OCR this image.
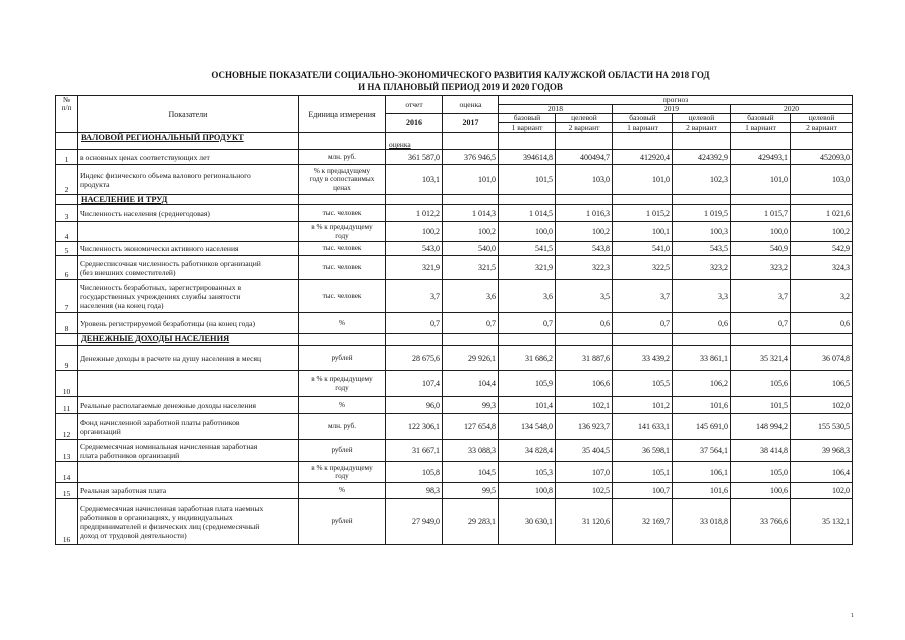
ОСНОВНЫЕ ПОКАЗАТЕЛИ СОЦИАЛЬНО-ЭКОНОМИЧЕСКОГО РАЗВИТИЯ КАЛУЖСКОЙ ОБЛАСТИ НА 2018 ГОД
И НА ПЛАНОВЫЙ ПЕРИОД 2019 И 2020 ГОДОВ
№
п/п	Показатели	Единица измерения	отчет	оценка	прогноз					
					2018		2019		2020	
			2016	2017	базовый	целевой	базовый	целевой	базовый	целевой
					1 вариант	2 вариант	1 вариант	2 вариант	1 вариант	2 вариант
	ВАЛОВОЙ РЕГИОНАЛЬНЫЙ ПРОДУКТ		оценка							
1	в основных ценах соответствующих лет	млн. руб.	361 587,0	376 946,5	394614,8	400494,7	412920,4	424392,9	429493,1	452093,0
2	Индекс физического объема валового регионального
продукта	% к предыдущему
году в сопоставимых
ценах	103,1	101,0	101,5	103,0	101,0	102,3	101,0	103,0
	НАСЕЛЕНИЕ И ТРУД									
3	Численность населения (среднегодовая)	тыс. человек	1 012,2	1 014,3	1 014,5	1 016,3	1 015,2	1 019,5	1 015,7	1 021,6
4		в % к предыдущему
году	100,2	100,2	100,0	100,2	100,1	100,3	100,0	100,2
5	Численность экономически активного населения	тыс. человек	543,0	540,0	541,5	543,8	541,0	543,5	540,9	542,9
6	Среднесписочная численность работников организаций
(без внешних совместителей)	тыс. человек	321,9	321,5	321,9	322,3	322,5	323,2	323,2	324,3
7	Численность безработных, зарегистрированных в
государственных учреждениях службы занятости
населения (на конец года)	тыс. человек	3,7	3,6	3,6	3,5	3,7	3,3	3,7	3,2
8	Уровень регистрируемой безработицы (на конец года)	%	0,7	0,7	0,7	0,6	0,7	0,6	0,7	0,6
	ДЕНЕЖНЫЕ ДОХОДЫ НАСЕЛЕНИЯ									
9	Денежные доходы в расчете на душу населения в месяц	рублей	28 675,6	29 926,1	31 686,2	31 887,6	33 439,2	33 861,1	35 321,4	36 074,8
10		в % к предыдущему
году	107,4	104,4	105,9	106,6	105,5	106,2	105,6	106,5
11	Реальные располагаемые денежные доходы населения	%	96,0	99,3	101,4	102,1	101,2	101,6	101,5	102,0
12	Фонд начисленной заработной платы работников
организаций	млн. руб.	122 306,1	127 654,8	134 548,0	136 923,7	141 633,1	145 691,0	148 994,2	155 530,5
13	Среднемесячная номинальная начисленная заработная
плата работников организаций	рублей	31 667,1	33 088,3	34 828,4	35 404,5	36 598,1	37 564,1	38 414,8	39 968,3
14		в % к предыдущему
году	105,8	104,5	105,3	107,0	105,1	106,1	105,0	106,4
15	Реальная заработная плата	%	98,3	99,5	100,8	102,5	100,7	101,6	100,6	102,0
16	Среднемесячная начисленная заработная плата наемных
работников в организациях, у индивидуальных
предпринимателей и физических лиц (среднемесячный
доход от трудовой деятельности)	рублей	27 949,0	29 283,1	30 630,1	31 120,6	32 169,7	33 018,8	33 766,6	35 132,1
1
